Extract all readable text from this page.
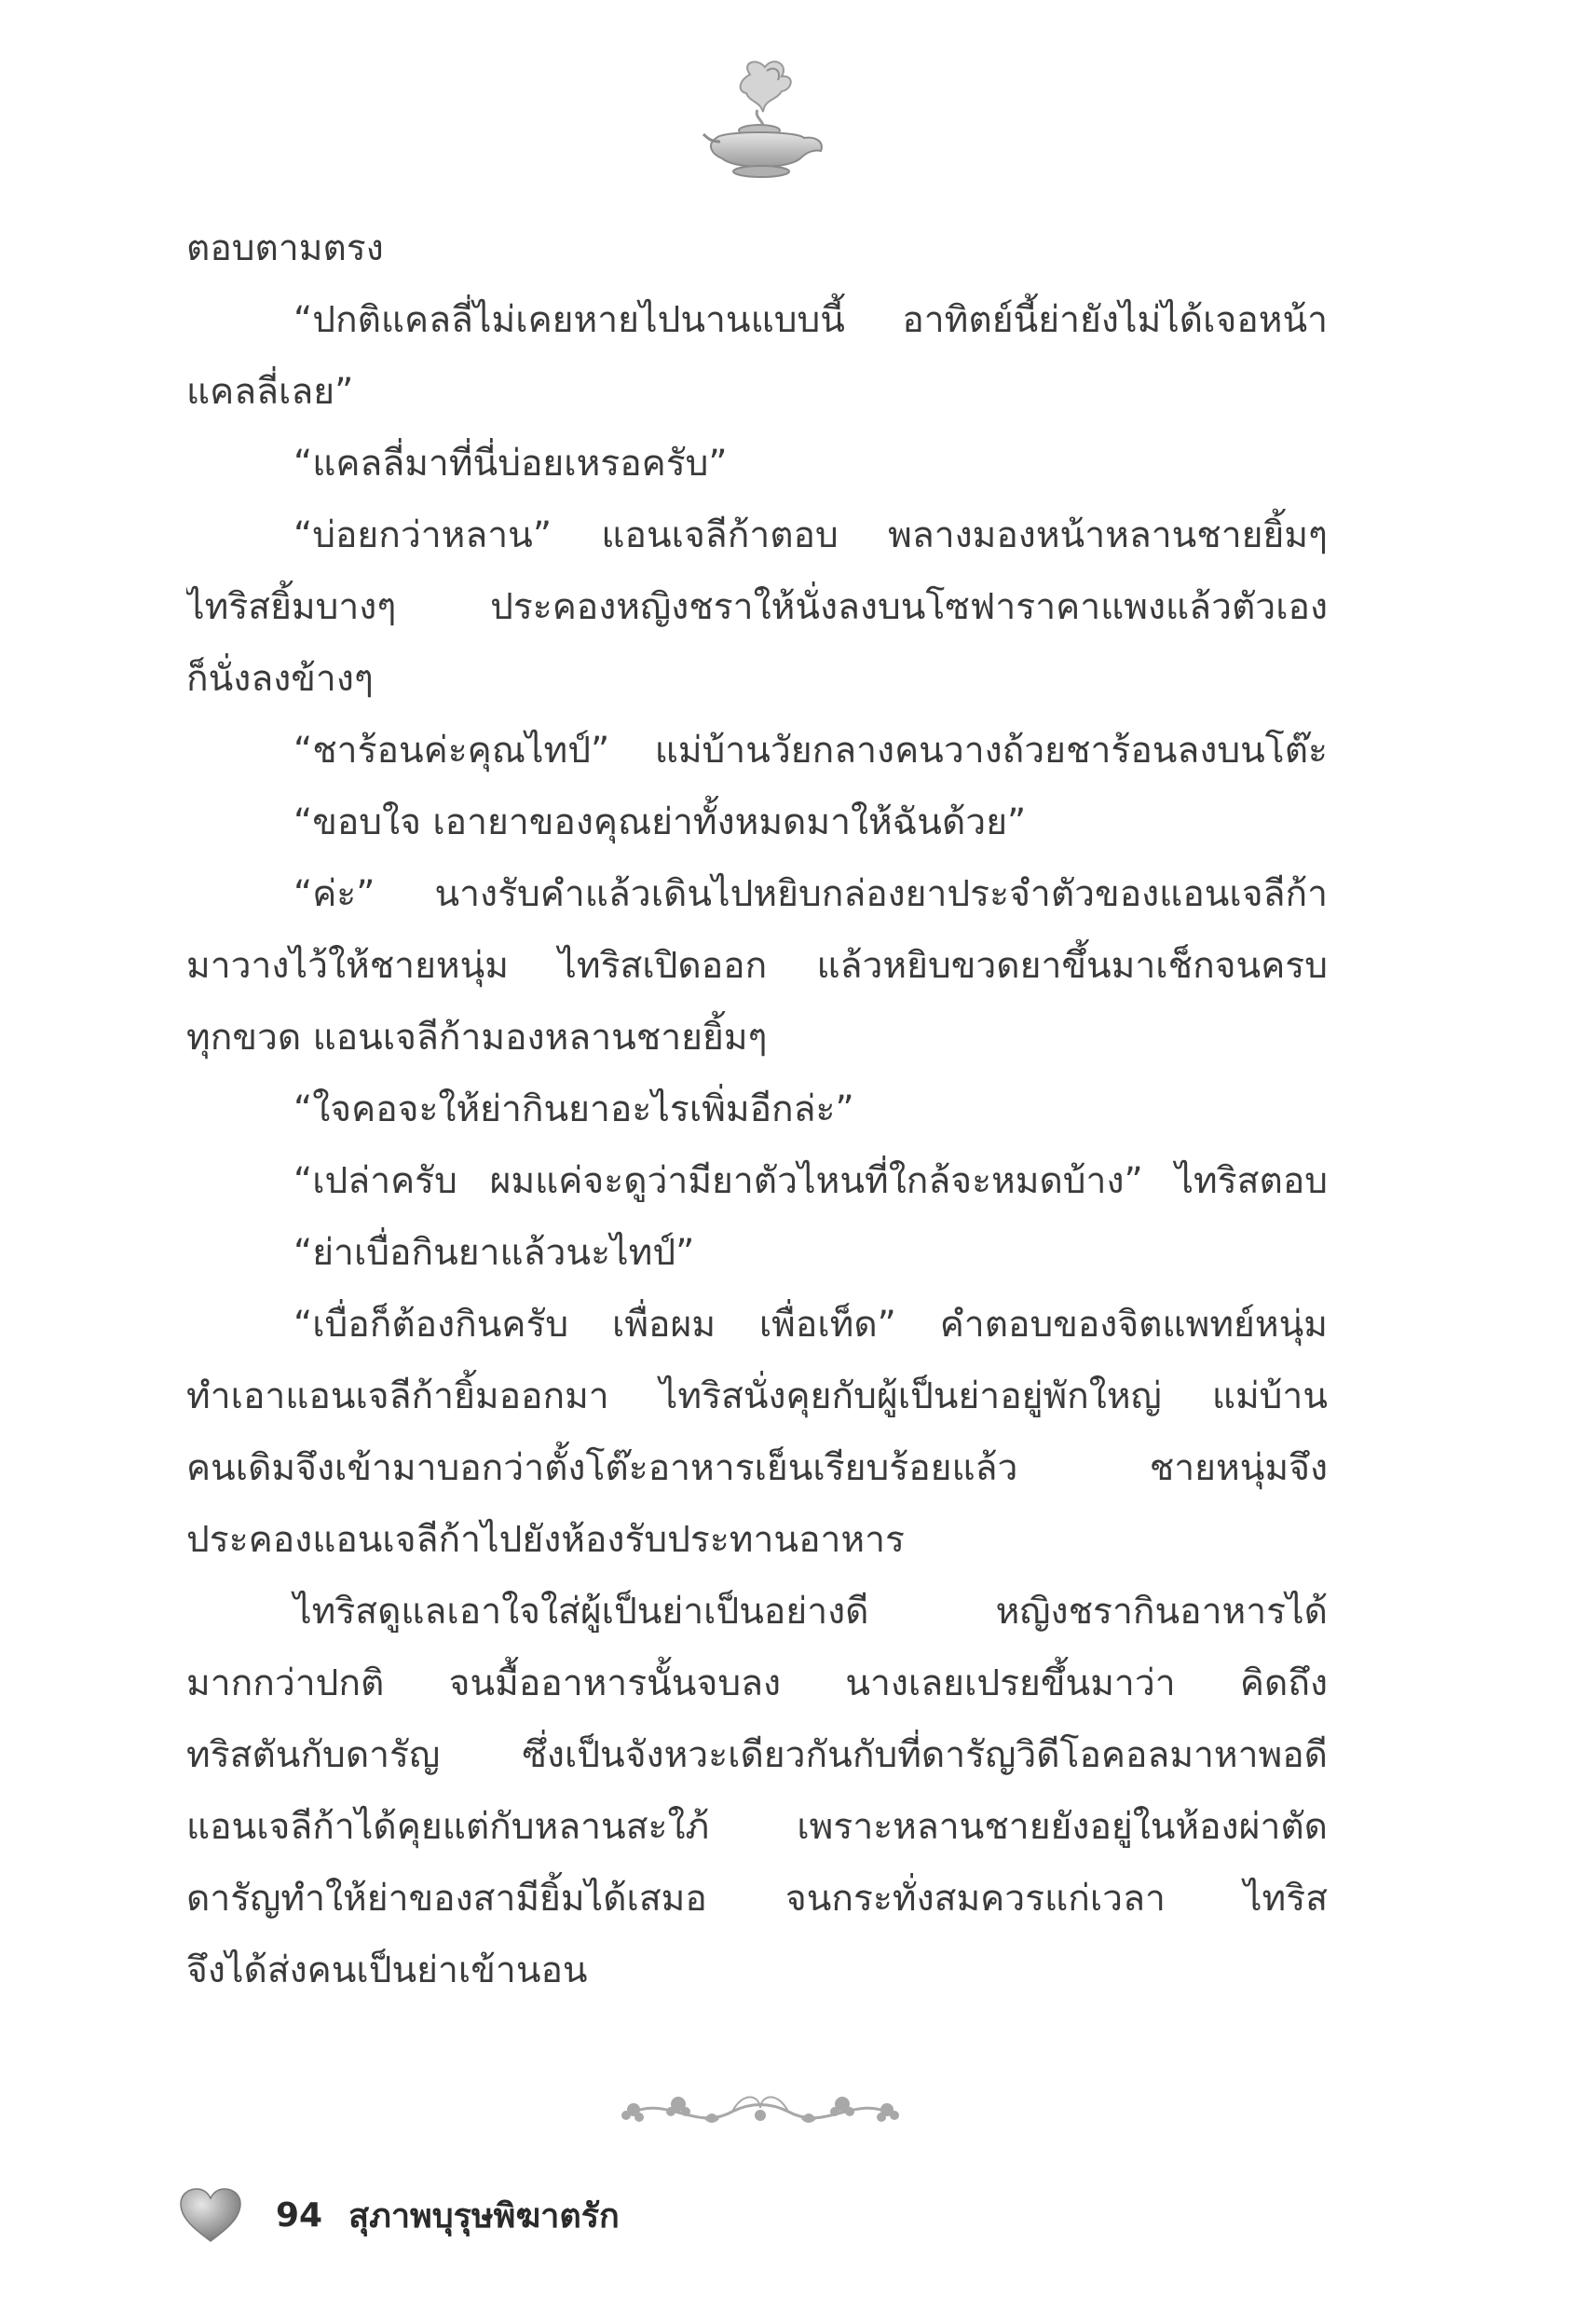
ตอบตามตรง
“ปกติแคลลี่ไม่เคยหายไปนานแบบนี้ อาทิตย์นี้ย่ายังไม่ได้เจอหน้า
แคลลี่เลย”
“แคลลี่มาที่นี่บ่อยเหรอครับ”
“บ่อยกว่าหลาน” แอนเจลีก้าตอบ พลางมองหน้าหลานชายยิ้มๆ
ไทริสยิ้มบางๆ ประคองหญิงชราให้นั่งลงบนโซฟาราคาแพงแล้วตัวเอง
ก็นั่งลงข้างๆ
“ชาร้อนค่ะคุณไทป์” แม่บ้านวัยกลางคนวางถ้วยชาร้อนลงบนโต๊ะ
“ขอบใจ เอายาของคุณย่าทั้งหมดมาให้ฉันด้วย”
“ค่ะ” นางรับคำแล้วเดินไปหยิบกล่องยาประจำตัวของแอนเจลีก้า
มาวางไว้ให้ชายหนุ่ม ไทริสเปิดออก แล้วหยิบขวดยาขึ้นมาเช็กจนครบ
ทุกขวด แอนเจลีก้ามองหลานชายยิ้มๆ
“ใจคอจะให้ย่ากินยาอะไรเพิ่มอีกล่ะ”
“เปล่าครับ ผมแค่จะดูว่ามียาตัวไหนที่ใกล้จะหมดบ้าง” ไทริสตอบ
“ย่าเบื่อกินยาแล้วนะไทป์”
“เบื่อก็ต้องกินครับ เพื่อผม เพื่อเท็ด” คำตอบของจิตแพทย์หนุ่ม
ทำเอาแอนเจลีก้ายิ้มออกมา ไทริสนั่งคุยกับผู้เป็นย่าอยู่พักใหญ่ แม่บ้าน
คนเดิมจึงเข้ามาบอกว่าตั้งโต๊ะอาหารเย็นเรียบร้อยแล้ว ชายหนุ่มจึง
ประคองแอนเจลีก้าไปยังห้องรับประทานอาหาร
ไทริสดูแลเอาใจใส่ผู้เป็นย่าเป็นอย่างดี หญิงชรากินอาหารได้
มากกว่าปกติ จนมื้ออาหารนั้นจบลง นางเลยเปรยขึ้นมาว่า คิดถึง
ทริสตันกับดารัญ ซึ่งเป็นจังหวะเดียวกันกับที่ดารัญวิดีโอคอลมาหาพอดี
แอนเจลีก้าได้คุยแต่กับหลานสะใภ้ เพราะหลานชายยังอยู่ในห้องผ่าตัด
ดารัญทำให้ย่าของสามียิ้มได้เสมอ จนกระทั่งสมควรแก่เวลา ไทริส
จึงได้ส่งคนเป็นย่าเข้านอน
94 สุภาพบุรุษพิฆาตรัก
